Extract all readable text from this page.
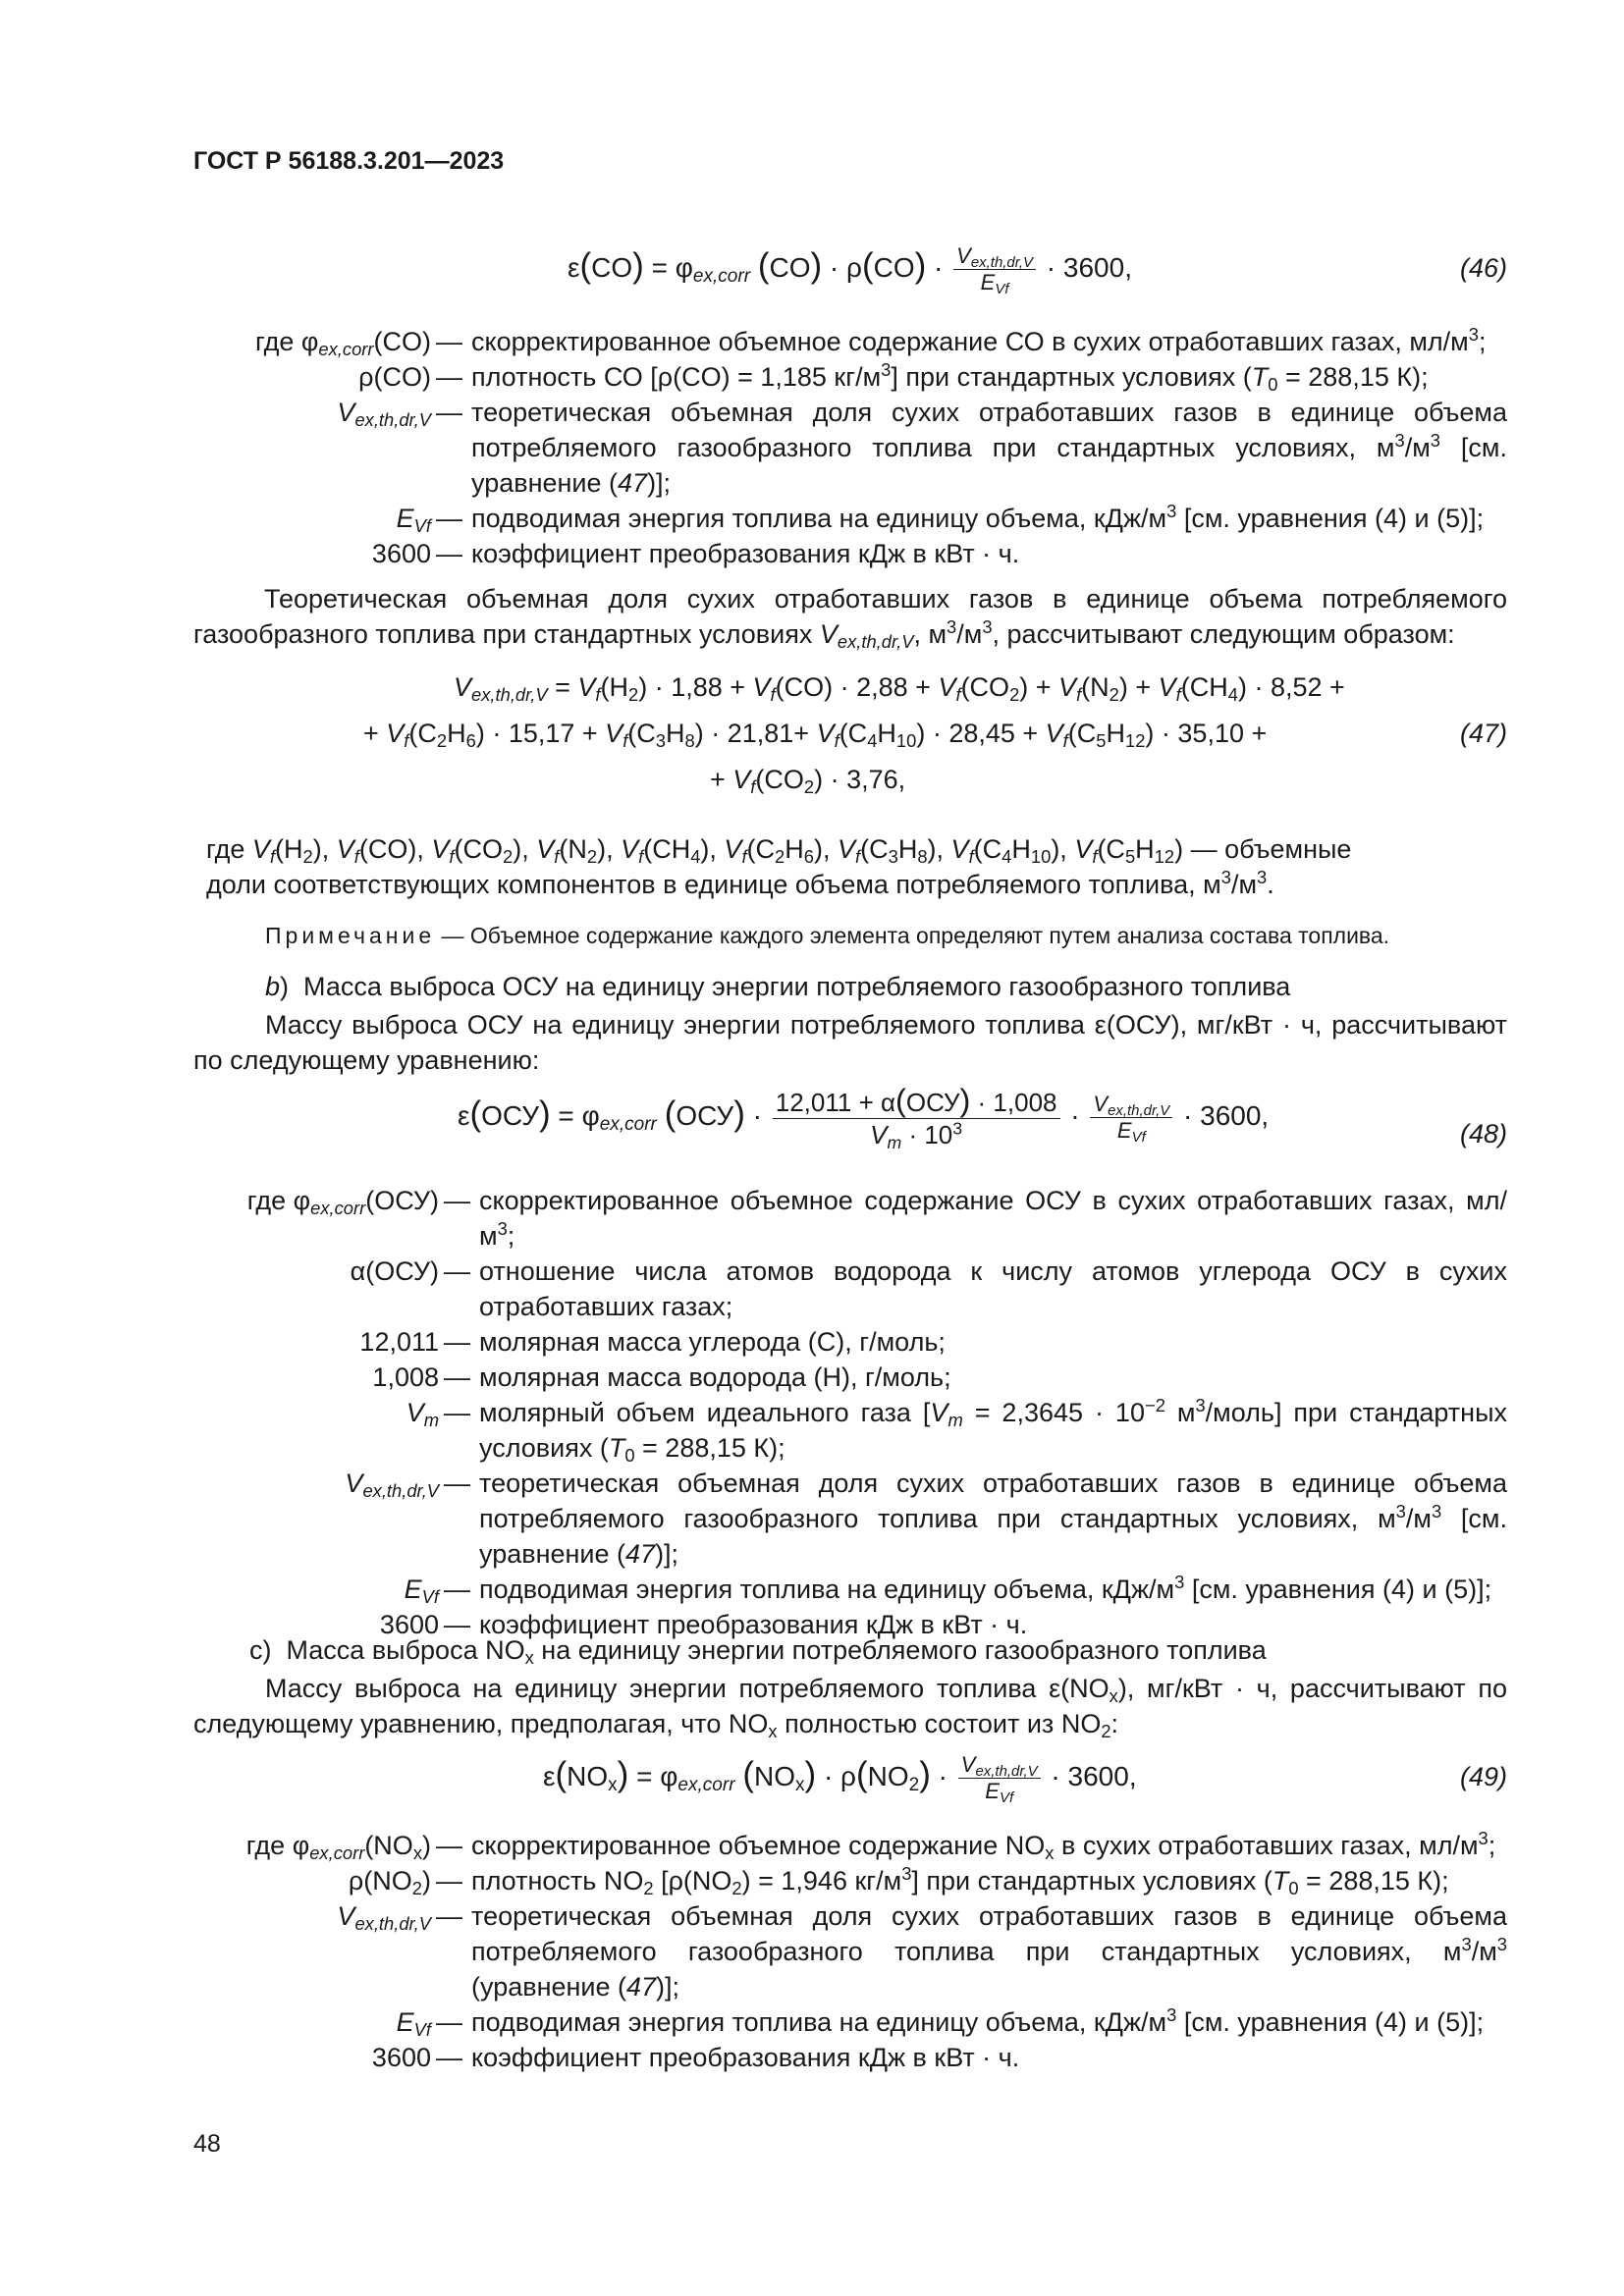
ГОСТ Р 56188.3.201—2023
$\varepsilon(CO) = \varphi_{ex,corr}$ $(CO) \cdot \rho(CO) \cdot \frac{V_{ex,th,dr,V}}{E_{Vf}} \cdot 3600$,	(46)
где $\varphi_{ex,corr}(CO)$	—	скорректированное объемное содержание СО в сухих отработавших газах, $мл/м^3$;
ρ(CO)	—	плотность СО [ρ(CO) = 1,185 $кг/м^3$] при стандартных условиях ($T_0 = 288,15$ К);
$V_{ex,th,dr,V}$	—	теоретическая объемная доля сухих отработавших газов в единице объема потребляемого газообразного топлива при стандартных условиях, $м^3/м^3$ [см. уравнение (47)];
$E_{Vf}$	—	подводимая энергия топлива на единицу объема, кДж/$м^3$ [см. уравнения (4) и (5)];
3600	—	коэффициент преобразования кДж в кВт · ч.
Теоретическая объемная доля сухих отработавших газов в единице объема потребляемого газообразного топлива при стандартных условиях $V_{ex,th,dr,V}$, $м^3/м^3$, рассчитывают следующим образом:
$V_{ex,th,dr,V} = V_f(H_2) \cdot 1,88 + V_f(CO) \cdot 2,88 + V_f(CO_2) + V_f(N_2) + V_f(CH_4) \cdot 8,52$ +
+ $V_f(C_2H_6) \cdot 15,17 + V_f(C_3H_8) \cdot 21,81+ V_f(C_4H_{10}) \cdot 28,45 + V_f(C_5H_{12}) \cdot 35,10$ +
+ $V_f(CO_2) \cdot 3,76$,
(47)
где $V_f(H_2)$, $V_f(CO)$, $V_f(CO_2)$, $V_f(N_2)$, $V_f(CH_4)$, $V_f(C_2H_6)$, $V_f(C_3H_8)$, $V_f(C_4H_{10})$, $V_f(C_5H_{12})$ — объемные
доли соответствующих компонентов в единице объема потребляемого топлива, $м^3/м^3$.
Примечание — Объемное содержание каждого элемента определяют путем анализа состава топлива.
b)  Масса выброса ОСУ на единицу энергии потребляемого газообразного топлива
Массу выброса ОСУ на единицу энергии потребляемого топлива ε(ОСУ), мг/кВт · ч, рассчитывают по следующему уравнению:
$\varepsilon(ОСУ) = \varphi_{ex,corr}$ $(ОСУ) \cdot \frac{\text{12,011 + α(ОСУ) · 1,008}}{V_m \cdot 10^3} \cdot \frac{V_{ex,th,dr,V}}{E_{Vf}} \cdot 3600$,
(48)
где $\varphi_{ex,corr}(ОСУ)$	—	скорректированное объемное содержание ОСУ в сухих отработавших газах, $мл/м^3$;
α(ОСУ)	—	отношение числа атомов водорода к числу атомов углерода ОСУ в сухих отработавших газах;
12,011	—	молярная масса углерода (С), г/моль;
1,008	—	молярная масса водорода (Н), г/моль;
$V_m$	—	молярный объем идеального газа [$V_m = 2,3645 \cdot 10^{-2}$ $м^3/моль$] при стандартных условиях ($T_0 = 288,15$ К);
$V_{ex,th,dr,V}$	—	теоретическая объемная доля сухих отработавших газов в единице объема потребляемого газообразного топлива при стандартных условиях, $м^3/м^3$ [см. уравнение (47)];
$E_{Vf}$	—	подводимая энергия топлива на единицу объема, кДж/$м^3$ [см. уравнения (4) и (5)];
3600	—	коэффициент преобразования кДж в кВт · ч.
с)  Масса выброса $NO_x$ на единицу энергии потребляемого газообразного топлива
Массу выброса на единицу энергии потребляемого топлива $\varepsilon(NO_x)$, мг/кВт · ч, рассчитывают по следующему уравнению, предполагая, что $NO_x$ полностью состоит из $NO_2$:
$\varepsilon(NO_x) = \varphi_{ex,corr}$ $(NO_x) \cdot \rho(NO_2) \cdot \frac{V_{ex,th,dr,V}}{E_{Vf}} \cdot 3600$,	(49)
где $\varphi_{ex,corr}(NO_x)$	—	скорректированное объемное содержание $NO_x$ в сухих отработавших газах, $мл/м^3$;
$\rho(NO_2)$	—	плотность $NO_2$ [$\rho(NO_2) = 1,946$ $кг/м^3$] при стандартных условиях ($T_0 = 288,15$ К);
$V_{ex,th,dr,V}$	—	теоретическая объемная доля сухих отработавших газов в единице объема потребляемого газообразного топлива при стандартных условиях, $м^3/м^3$ (уравнение (47)];
$E_{Vf}$	—	подводимая энергия топлива на единицу объема, кДж/$м^3$ [см. уравнения (4) и (5)];
3600	—	коэффициент преобразования кДж в кВт · ч.
48
